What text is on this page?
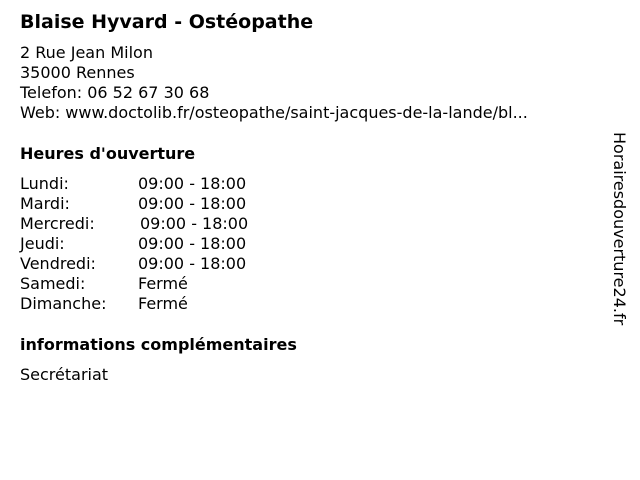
Blaise Hyvard - Ostéopathe
2 Rue Jean Milon
35000 Rennes
Telefon: 06 52 67 30 68
Web: www.doctolib.fr/osteopathe/saint-jacques-de-la-lande/bl...
Heures d'ouverture
Lundi:	09:00 - 18:00
Mardi:	09:00 - 18:00
Mercredi:	09:00 - 18:00
Jeudi:	09:00 - 18:00
Vendredi:	09:00 - 18:00
Samedi:	Fermé
Dimanche: Fermé
informations complémentaires
Secrétariat
Horairesdouverture24.fr
